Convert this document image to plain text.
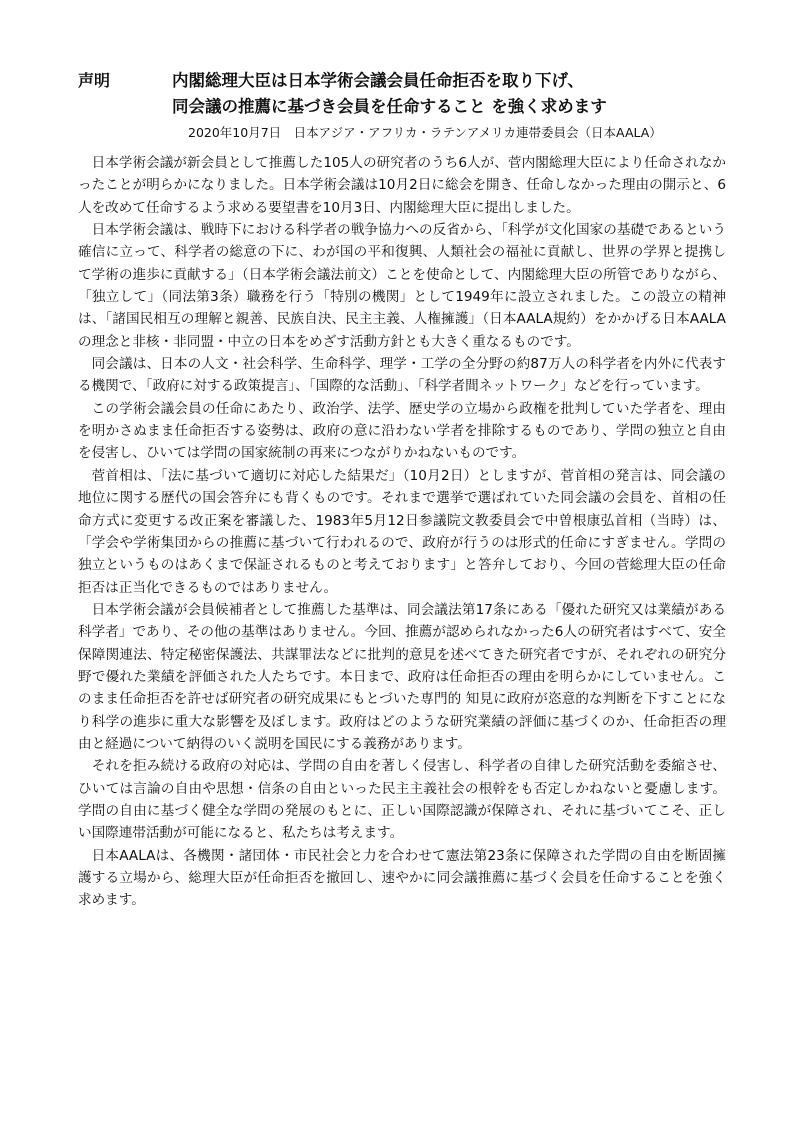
声明	内閣総理大臣は日本学術会議会員任命拒否を取り下げ、
同会議の推薦に基づき会員を任命すること を強く求めます
2020年10月7日　日本アジア・アフリカ・ラテンアメリカ連帯委員会（日本AALA）

日本学術会議が新会員として推薦した105人の研究者のうち6人が、菅内閣総理大臣により任命されなかったことが明らかになりました。日本学術会議は10月2日に総会を開き、任命しなかった理由の開示と、6人を改めて任命するよう求める要望書を10月3日、内閣総理大臣に提出しました。

日本学術会議は、戦時下における科学者の戦争協力への反省から、「科学が文化国家の基礎であるという確信に立って、科学者の総意の下に、わが国の平和復興、人類社会の福祉に貢献し、世界の学界と提携して学術の進歩に貢献する」（日本学術会議法前文）ことを使命として、内閣総理大臣の所管でありながら、「独立して」（同法第3条）職務を行う「特別の機関」として1949年に設立されました。この設立の精神は、「諸国民相互の理解と親善、民族自決、民主主義、人権擁護」（日本AALA規約）をかかげる日本AALAの理念と非核・非同盟・中立の日本をめざす活動方針とも大きく重なるものです。

同会議は、日本の人文・社会科学、生命科学、理学・工学の全分野の約87万人の科学者を内外に代表する機関で、「政府に対する政策提言」、「国際的な活動」、「科学者間ネットワーク」などを行っています。

この学術会議会員の任命にあたり、政治学、法学、歴史学の立場から政権を批判していた学者を、理由を明かさぬまま任命拒否する姿勢は、政府の意に沿わない学者を排除するものであり、学問の独立と自由を侵害し、ひいては学問の国家統制の再来につながりかねないものです。

菅首相は、「法に基づいて適切に対応した結果だ」（10月2日）としますが、菅首相の発言は、同会議の地位に関する歴代の国会答弁にも背くものです。それまで選挙で選ばれていた同会議の会員を、首相の任命方式に変更する改正案を審議した、1983年5月12日参議院文教委員会で中曽根康弘首相（当時）は、「学会や学術集団からの推薦に基づいて行われるので、政府が行うのは形式的任命にすぎません。学問の独立というものはあくまで保証されるものと考えております」と答弁しており、今回の菅総理大臣の任命拒否は正当化できるものではありません。

日本学術会議が会員候補者として推薦した基準は、同会議法第17条にある「優れた研究又は業績がある科学者」であり、その他の基準はありません。今回、推薦が認められなかった6人の研究者はすべて、安全保障関連法、特定秘密保護法、共謀罪法などに批判的意見を述べてきた研究者ですが、それぞれの研究分野で優れた業績を評価された人たちです。本日まで、政府は任命拒否の理由を明らかにしていません。このまま任命拒否を許せば研究者の研究成果にもとづいた専門的 知見に政府が恣意的な判断を下すことになり科学の進歩に重大な影響を及ぼします。政府はどのような研究業績の評価に基づくのか、任命拒否の理由と経過について納得のいく説明を国民にする義務があります。

それを拒み続ける政府の対応は、学問の自由を著しく侵害し、科学者の自律した研究活動を委縮させ、ひいては言論の自由や思想・信条の自由といった民主主義社会の根幹をも否定しかねないと憂慮します。学問の自由に基づく健全な学問の発展のもとに、正しい国際認識が保障され、それに基づいてこそ、正しい国際連帯活動が可能になると、私たちは考えます。

日本AALAは、各機関・諸団体・市民社会と力を合わせて憲法第23条に保障された学問の自由を断固擁護する立場から、総理大臣が任命拒否を撤回し、速やかに同会議推薦に基づく会員を任命することを強く求めます。
